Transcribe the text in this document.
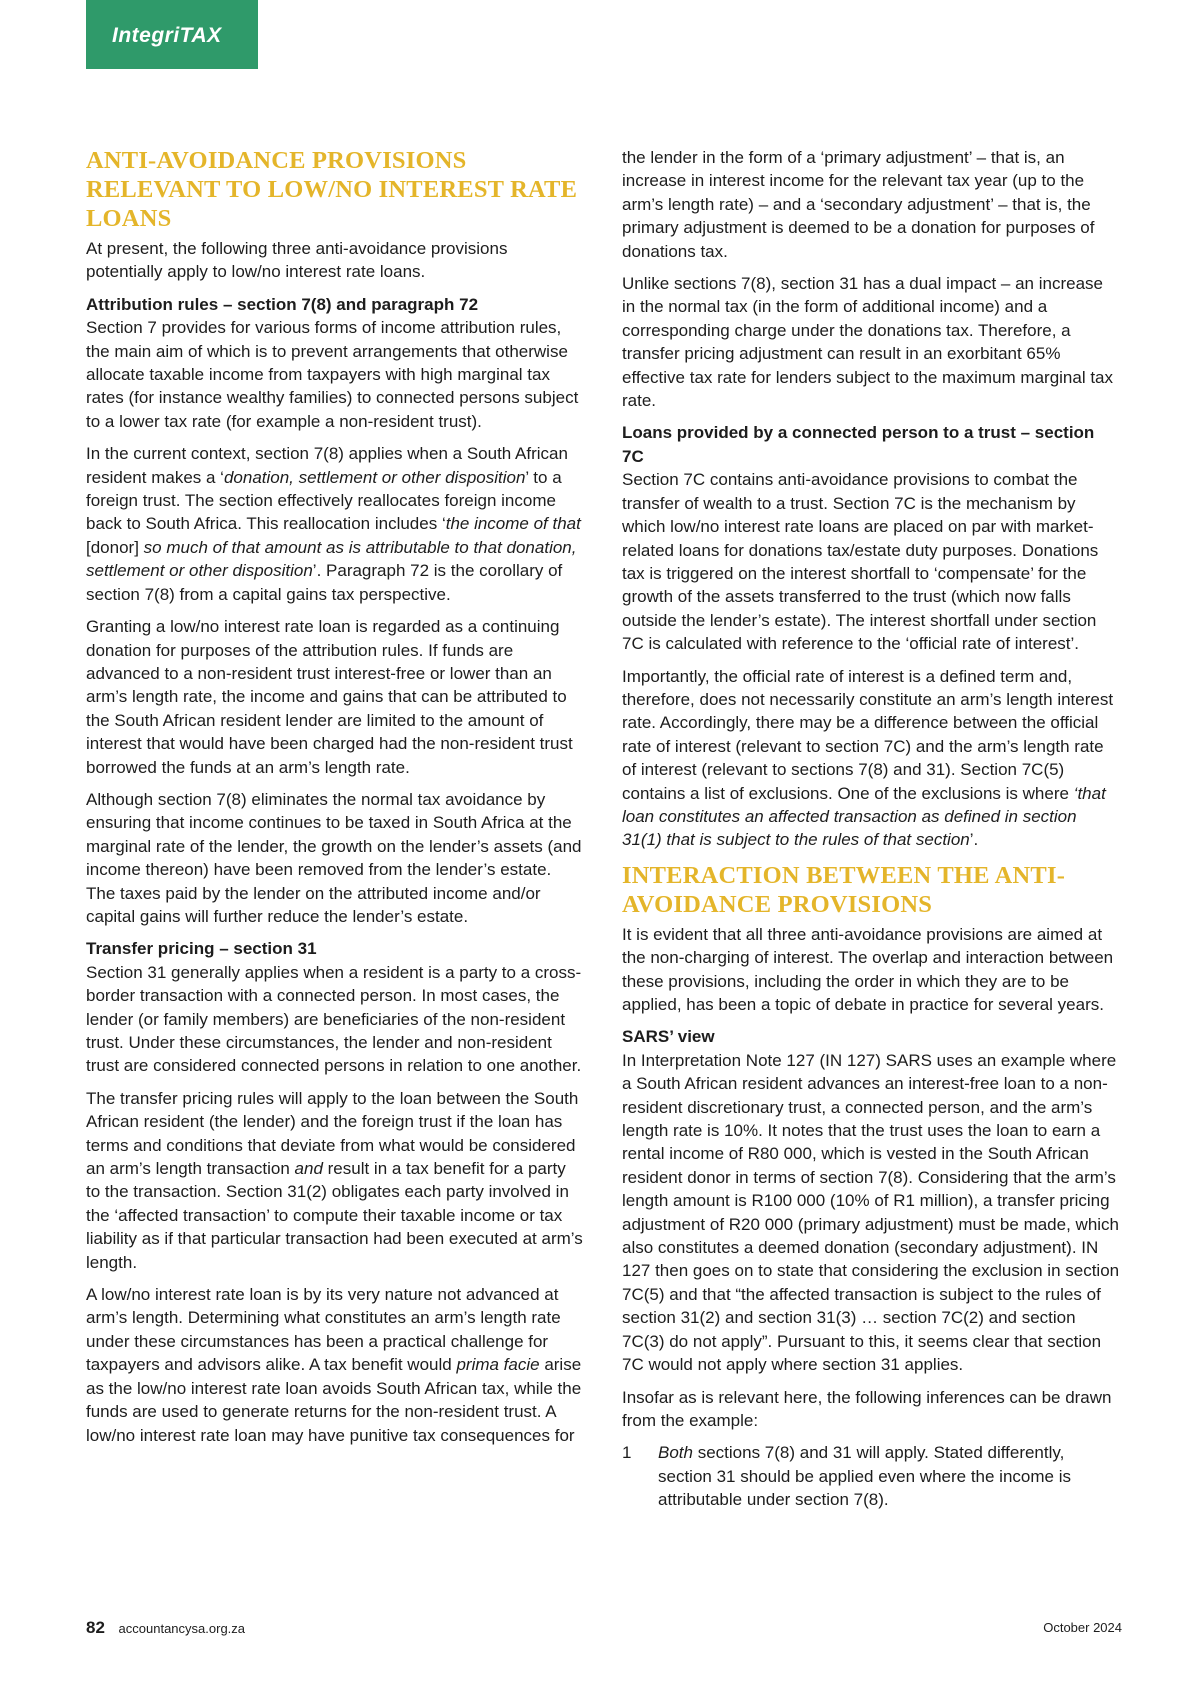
IntegriTAX
ANTI-AVOIDANCE PROVISIONS RELEVANT TO LOW/NO INTEREST RATE LOANS

At present, the following three anti-avoidance provisions potentially apply to low/no interest rate loans.

Attribution rules – section 7(8) and paragraph 72
Section 7 provides for various forms of income attribution rules, the main aim of which is to prevent arrangements that otherwise allocate taxable income from taxpayers with high marginal tax rates (for instance wealthy families) to connected persons subject to a lower tax rate (for example a non-resident trust).

In the current context, section 7(8) applies when a South African resident makes a ‘donation, settlement or other disposition’ to a foreign trust. The section effectively reallocates foreign income back to South Africa. This reallocation includes ‘the income of that [donor] so much of that amount as is attributable to that donation, settlement or other disposition’. Paragraph 72 is the corollary of section 7(8) from a capital gains tax perspective.

Granting a low/no interest rate loan is regarded as a continuing donation for purposes of the attribution rules. If funds are advanced to a non-resident trust interest-free or lower than an arm’s length rate, the income and gains that can be attributed to the South African resident lender are limited to the amount of interest that would have been charged had the non-resident trust borrowed the funds at an arm’s length rate.

Although section 7(8) eliminates the normal tax avoidance by ensuring that income continues to be taxed in South Africa at the marginal rate of the lender, the growth on the lender’s assets (and income thereon) have been removed from the lender’s estate. The taxes paid by the lender on the attributed income and/or capital gains will further reduce the lender’s estate.

Transfer pricing – section 31
Section 31 generally applies when a resident is a party to a cross-border transaction with a connected person. In most cases, the lender (or family members) are beneficiaries of the non-resident trust. Under these circumstances, the lender and non-resident trust are considered connected persons in relation to one another.

The transfer pricing rules will apply to the loan between the South African resident (the lender) and the foreign trust if the loan has terms and conditions that deviate from what would be considered an arm’s length transaction and result in a tax benefit for a party to the transaction. Section 31(2) obligates each party involved in the ‘affected transaction’ to compute their taxable income or tax liability as if that particular transaction had been executed at arm’s length.

A low/no interest rate loan is by its very nature not advanced at arm’s length. Determining what constitutes an arm’s length rate under these circumstances has been a practical challenge for taxpayers and advisors alike. A tax benefit would prima facie arise as the low/no interest rate loan avoids South African tax, while the funds are used to generate returns for the non-resident trust. A low/no interest rate loan may have punitive tax consequences for

the lender in the form of a ‘primary adjustment’ – that is, an increase in interest income for the relevant tax year (up to the arm’s length rate) – and a ‘secondary adjustment’ – that is, the primary adjustment is deemed to be a donation for purposes of donations tax.

Unlike sections 7(8), section 31 has a dual impact – an increase in the normal tax (in the form of additional income) and a corresponding charge under the donations tax. Therefore, a transfer pricing adjustment can result in an exorbitant 65% effective tax rate for lenders subject to the maximum marginal tax rate.

Loans provided by a connected person to a trust – section 7C
Section 7C contains anti-avoidance provisions to combat the transfer of wealth to a trust. Section 7C is the mechanism by which low/no interest rate loans are placed on par with market-related loans for donations tax/estate duty purposes. Donations tax is triggered on the interest shortfall to ‘compensate’ for the growth of the assets transferred to the trust (which now falls outside the lender’s estate). The interest shortfall under section 7C is calculated with reference to the ‘official rate of interest’.

Importantly, the official rate of interest is a defined term and, therefore, does not necessarily constitute an arm’s length interest rate. Accordingly, there may be a difference between the official rate of interest (relevant to section 7C) and the arm’s length rate of interest (relevant to sections 7(8) and 31). Section 7C(5) contains a list of exclusions. One of the exclusions is where ‘that loan constitutes an affected transaction as defined in section 31(1) that is subject to the rules of that section’.

INTERACTION BETWEEN THE ANTI-AVOIDANCE PROVISIONS

It is evident that all three anti-avoidance provisions are aimed at the non-charging of interest. The overlap and interaction between these provisions, including the order in which they are to be applied, has been a topic of debate in practice for several years.

SARS’ view
In Interpretation Note 127 (IN 127) SARS uses an example where a South African resident advances an interest-free loan to a non-resident discretionary trust, a connected person, and the arm’s length rate is 10%. It notes that the trust uses the loan to earn a rental income of R80 000, which is vested in the South African resident donor in terms of section 7(8). Considering that the arm’s length amount is R100 000 (10% of R1 million), a transfer pricing adjustment of R20 000 (primary adjustment) must be made, which also constitutes a deemed donation (secondary adjustment). IN 127 then goes on to state that considering the exclusion in section 7C(5) and that “the affected transaction is subject to the rules of section 31(2) and section 31(3) … section 7C(2) and section 7C(3) do not apply”. Pursuant to this, it seems clear that section 7C would not apply where section 31 applies.

Insofar as is relevant here, the following inferences can be drawn from the example:

1	Both sections 7(8) and 31 will apply. Stated differently, section 31 should be applied even where the income is attributable under section 7(8).
82 accountancysa.org.za	October 2024
